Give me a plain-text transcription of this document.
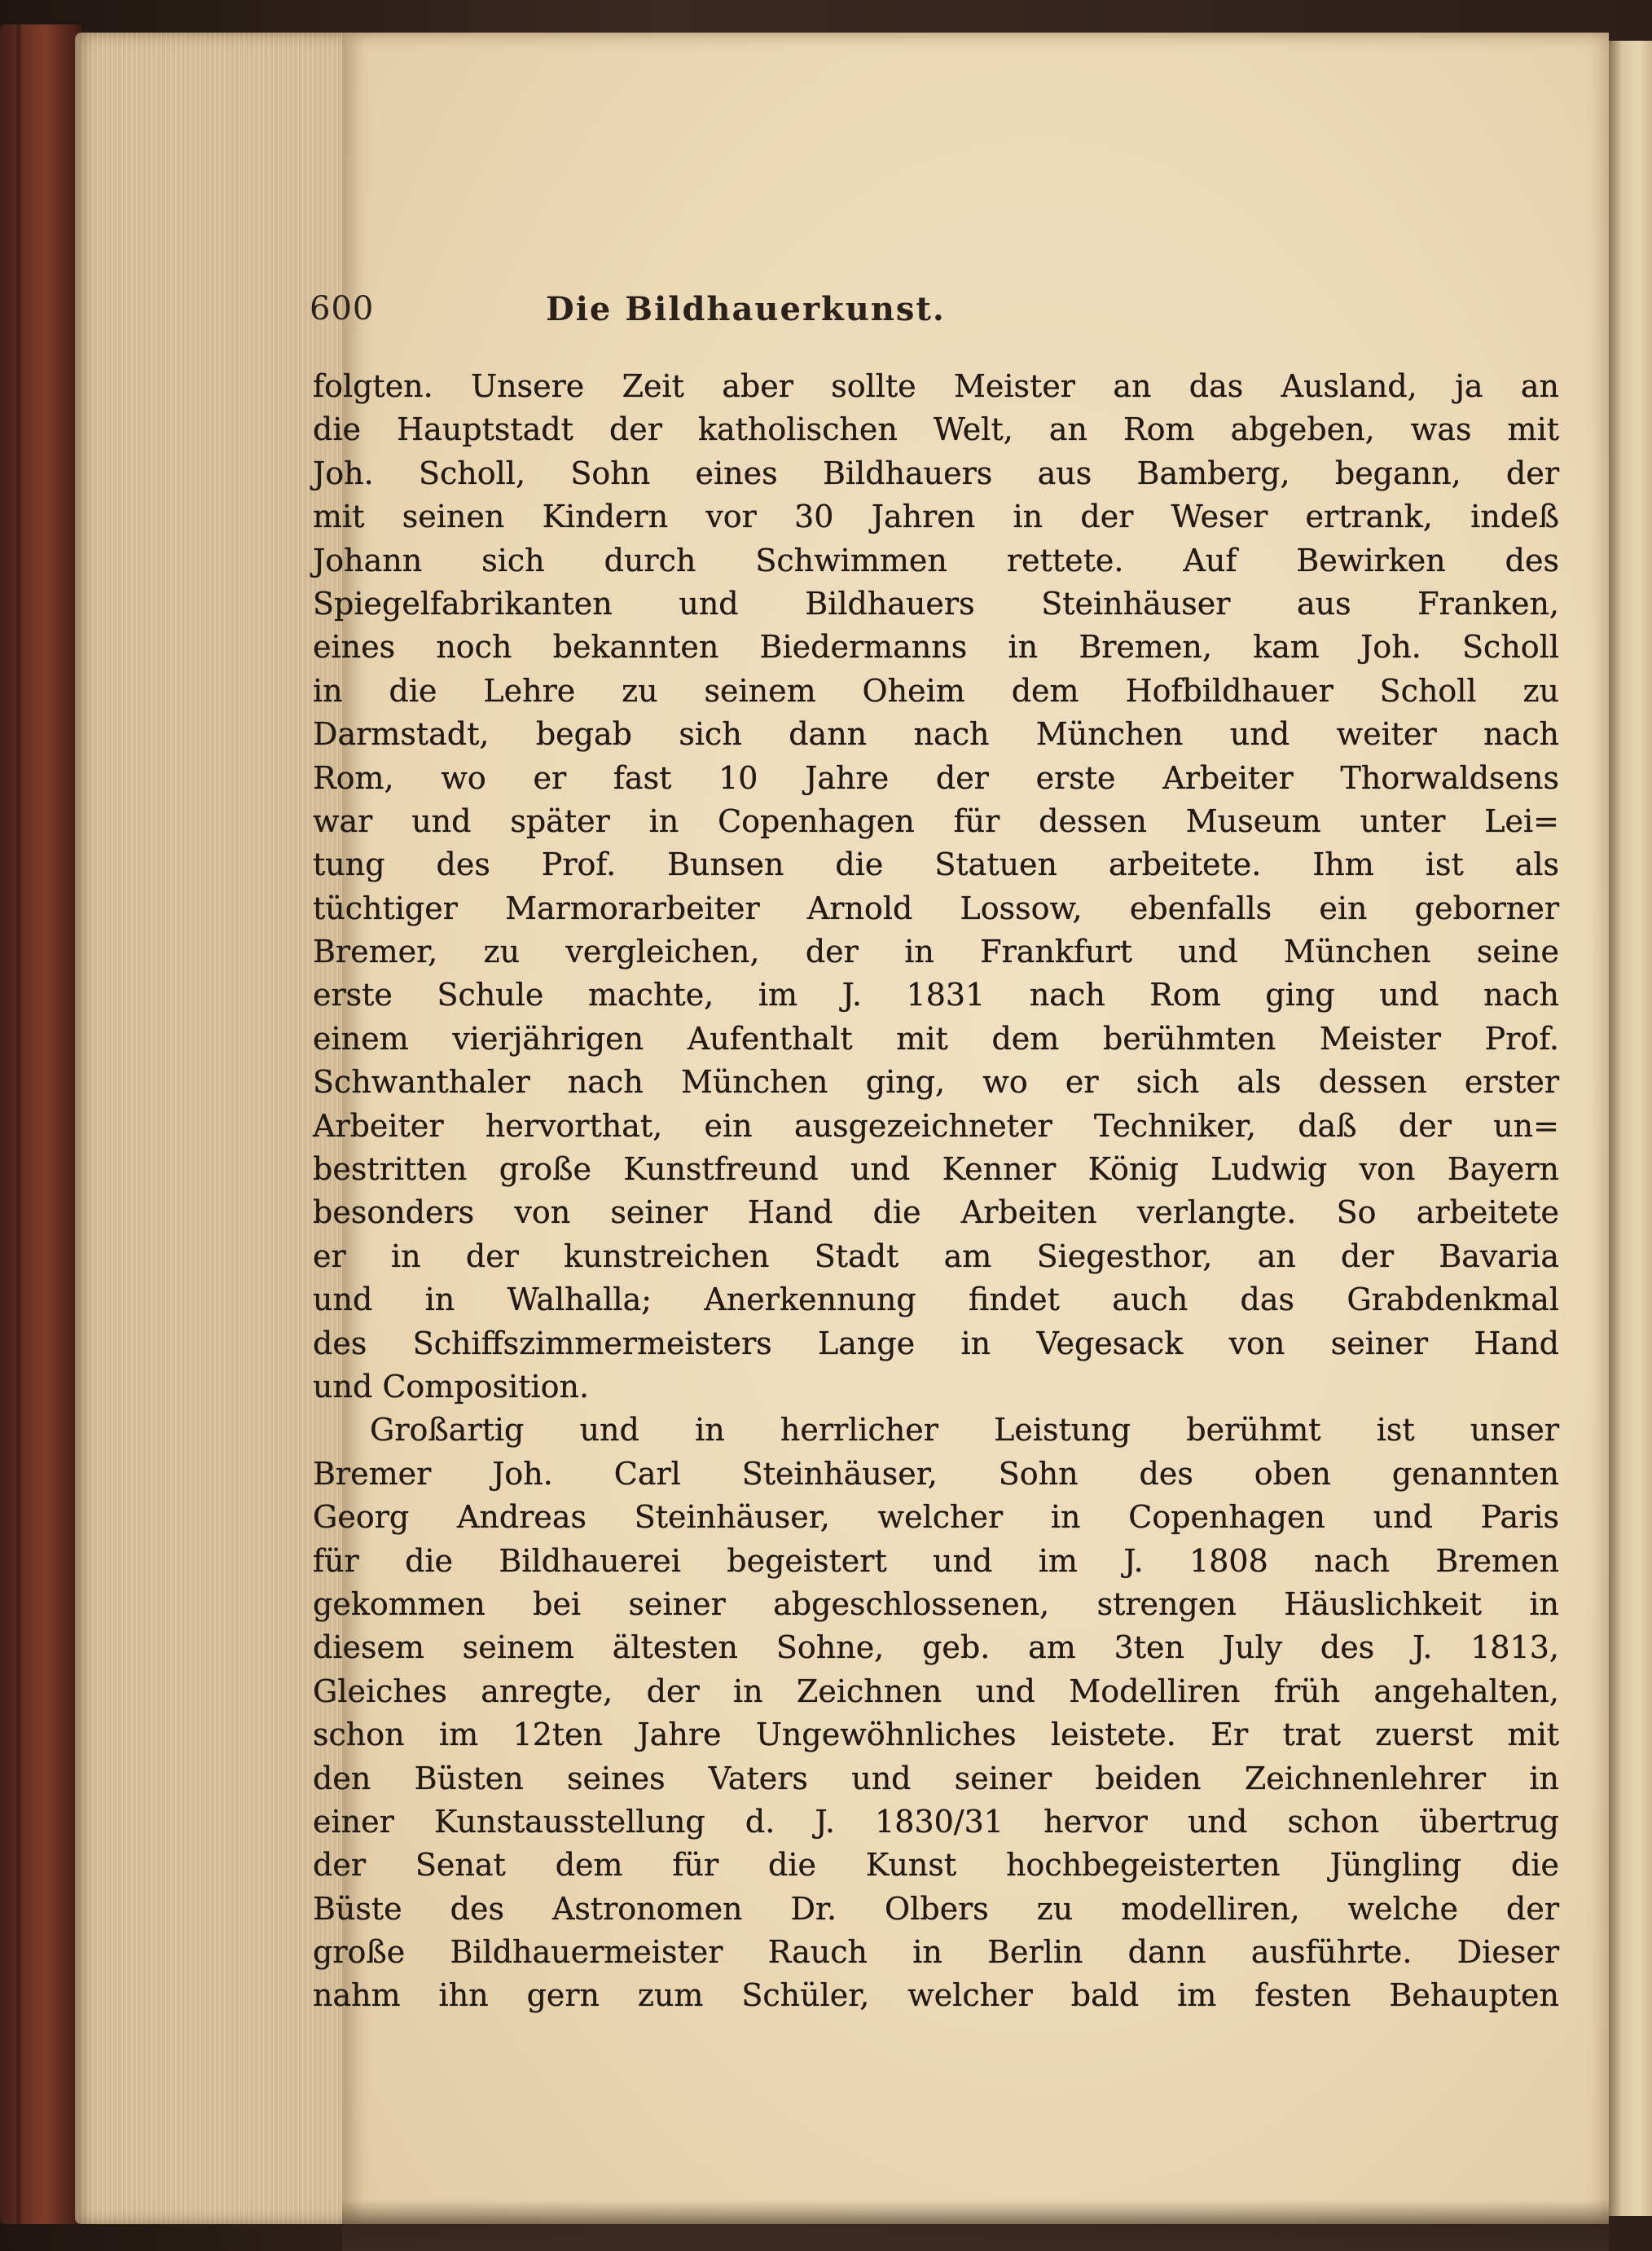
600	Die Bildhauerkunst.
folgten. Unsere Zeit aber sollte Meister an das Ausland, ja an
die Hauptstadt der katholischen Welt, an Rom abgeben, was mit
Joh. Scholl, Sohn eines Bildhauers aus Bamberg, begann, der
mit seinen Kindern vor 30 Jahren in der Weser ertrank, indeß
Johann sich durch Schwimmen rettete. Auf Bewirken des
Spiegelfabrikanten und Bildhauers Steinhäuser aus Franken,
eines noch bekannten Biedermanns in Bremen, kam Joh. Scholl
in die Lehre zu seinem Oheim dem Hofbildhauer Scholl zu
Darmstadt, begab sich dann nach München und weiter nach
Rom, wo er fast 10 Jahre der erste Arbeiter Thorwaldsens
war und später in Copenhagen für dessen Museum unter Lei=
tung des Prof. Bunsen die Statuen arbeitete. Ihm ist als
tüchtiger Marmorarbeiter Arnold Lossow, ebenfalls ein geborner
Bremer, zu vergleichen, der in Frankfurt und München seine
erste Schule machte, im J. 1831 nach Rom ging und nach
einem vierjährigen Aufenthalt mit dem berühmten Meister Prof.
Schwanthaler nach München ging, wo er sich als dessen erster
Arbeiter hervorthat, ein ausgezeichneter Techniker, daß der un=
bestritten große Kunstfreund und Kenner König Ludwig von Bayern
besonders von seiner Hand die Arbeiten verlangte. So arbeitete
er in der kunstreichen Stadt am Siegesthor, an der Bavaria
und in Walhalla; Anerkennung findet auch das Grabdenkmal
des Schiffszimmermeisters Lange in Vegesack von seiner Hand
und Composition.
Großartig und in herrlicher Leistung berühmt ist unser
Bremer Joh. Carl Steinhäuser, Sohn des oben genannten
Georg Andreas Steinhäuser, welcher in Copenhagen und Paris
für die Bildhauerei begeistert und im J. 1808 nach Bremen
gekommen bei seiner abgeschlossenen, strengen Häuslichkeit in
diesem seinem ältesten Sohne, geb. am 3ten July des J. 1813,
Gleiches anregte, der in Zeichnen und Modelliren früh angehalten,
schon im 12ten Jahre Ungewöhnliches leistete. Er trat zuerst mit
den Büsten seines Vaters und seiner beiden Zeichnenlehrer in
einer Kunstausstellung d. J. 1830/31 hervor und schon übertrug
der Senat dem für die Kunst hochbegeisterten Jüngling die
Büste des Astronomen Dr. Olbers zu modelliren, welche der
große Bildhauermeister Rauch in Berlin dann ausführte. Dieser
nahm ihn gern zum Schüler, welcher bald im festen Behaupten
